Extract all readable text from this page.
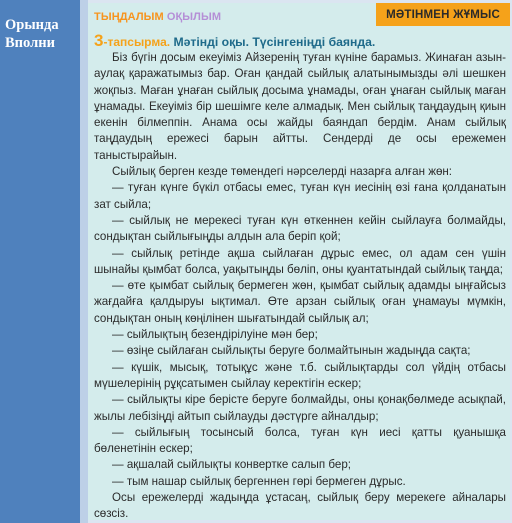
Орында
Вполни
ТЫҢДАЛЫМ ОҚЫЛЫМ	МӘТІНМЕН ЖҰМЫС
3-тапсырма. Мәтінді оқы. Түсінгеніңді баянда.

Біз бүгін досым екеуіміз Айзеренің туған күніне барамыз. Жинаған азын-аулақ қаражатымыз бар. Оған қандай сыйлық алатынымызды әлі шешкен жоқпыз. Маған ұнаған сыйлық досыма ұнамады, оған ұнаған сыйлық маған ұнамады. Екеуіміз бір шешімге келе алмадық. Мен сыйлық таңдаудың қиын екенін білмеппін. Анама осы жайды баяндап бердім. Анам сыйлық таңдаудың ережесі барын айтты. Сендерді де осы ережемен таныстырайын.

Сыйлық берген кезде төмендегі нәрселерді назарға алған жөн:

— туған күнге бүкіл отбасы емес, туған күн иесінің өзі ғана қолданатын зат сыйла;

— сыйлық не мерекесі туған күн өткеннен кейін сыйлауға болмайды, сондықтан сыйлығыңды алдын ала беріп қой;

— сыйлық ретінде ақша сыйлаған дұрыс емес, ол адам сен үшін шынайы қымбат болса, уақытыңды бөліп, оны қуантатындай сыйлық таңда;

— өте қымбат сыйлық бермеген жөн, қымбат сыйлық адамды ыңғайсыз жағдайға қалдыруы ықтимал. Өте арзан сыйлық оған ұнамауы мүмкін, сондықтан оның көңілінен шығатындай сыйлық ал;

— сыйлықтың безендірілуіне мән бер;

— өзіңе сыйлаған сыйлықты беруге болмайтынын жадыңда сақта;

— күшік, мысық, тотықұс және т.б. сыйлықтарды сол үйдің отбасы мүшелерінің рұқсатымен сыйлау керектігін ескер;

— сыйлықты кіре берісте беруге болмайды, оны қонақбөлмеде асықпай, жылы лебізіңді айтып сыйлауды дәстүрге айналдыр;

— сыйлығың тосынсый болса, туған күн иесі қатты қуанышқа бөленетінін ескер;

— ақшалай сыйлықты конвертке салып бер;

— тым нашар сыйлық бергеннен гөрі бермеген дұрыс.

Осы ережелерді жадыңда ұстасаң, сыйлық беру мерекеге айналары сөзсіз.
